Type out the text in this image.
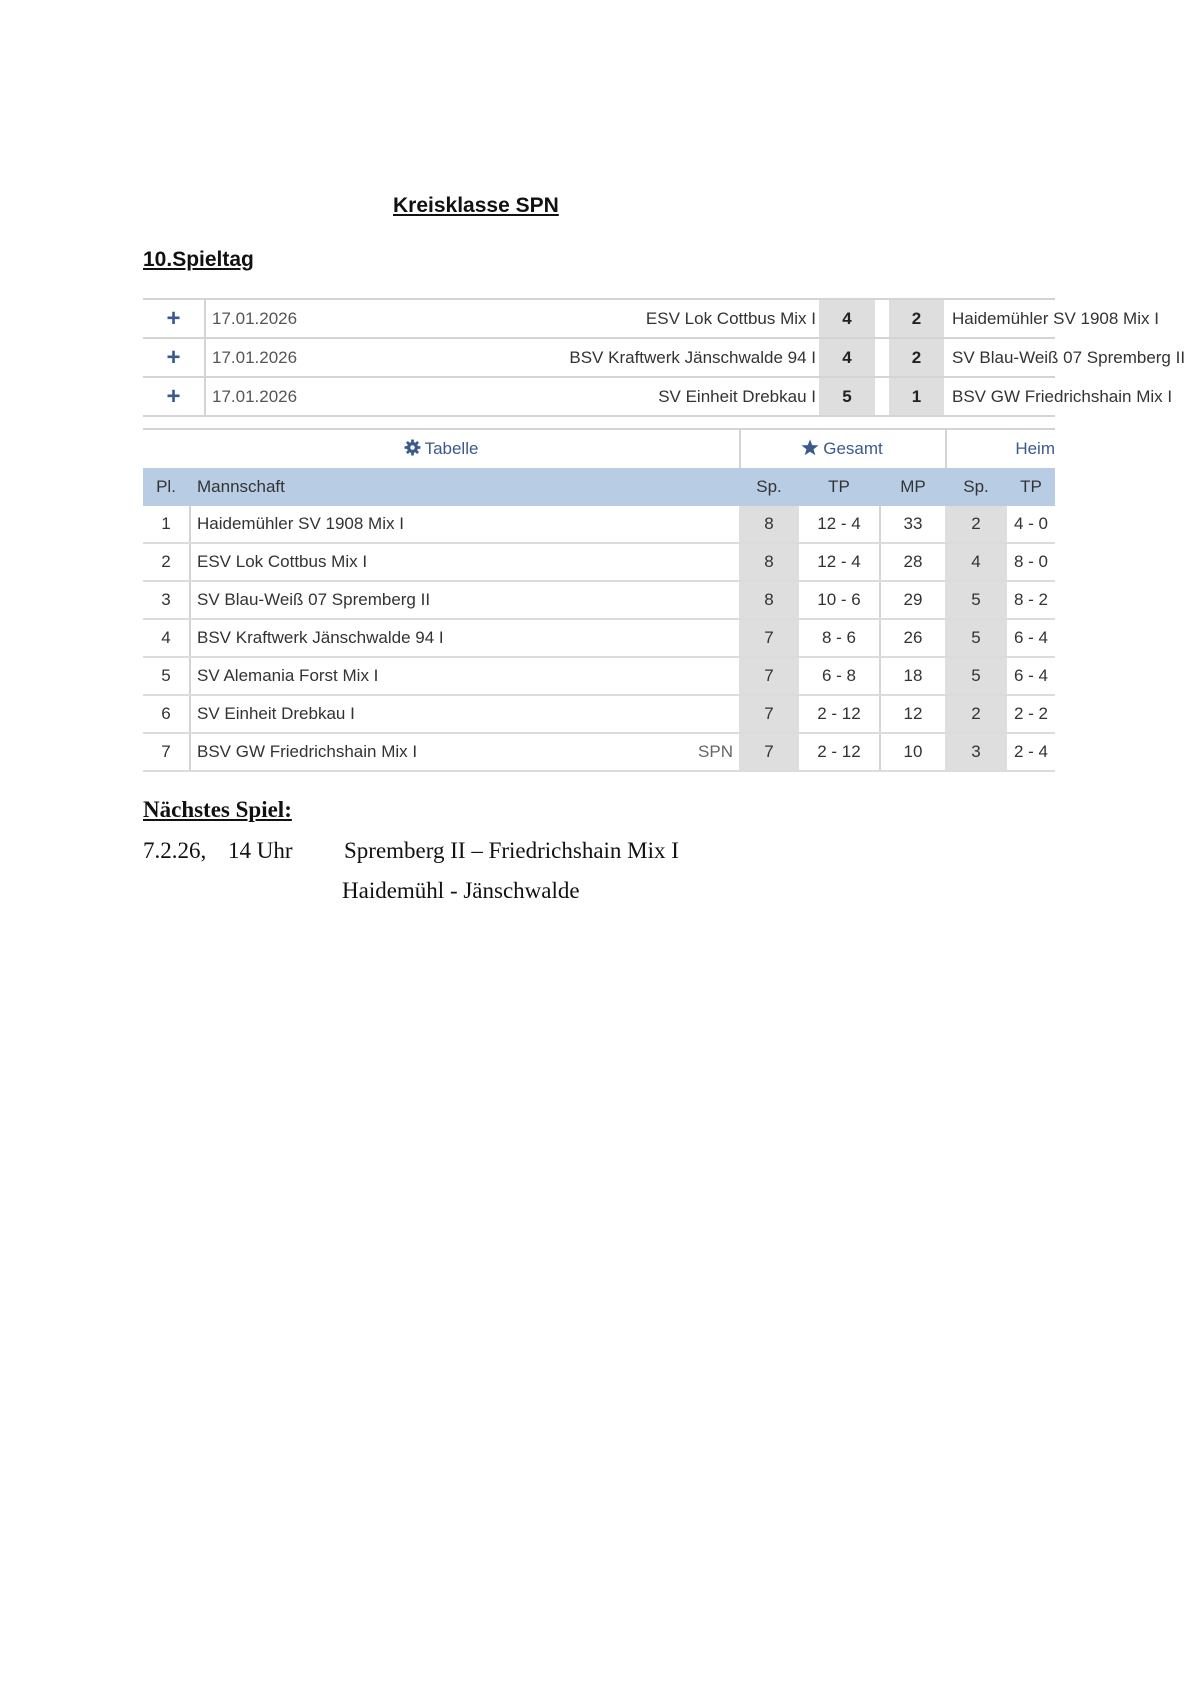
Kreisklasse SPN
10.Spieltag
+	17.01.2026	ESV Lok Cottbus Mix I	4	2	Haidemühler SV 1908 Mix I
+	17.01.2026	BSV Kraftwerk Jänschwalde 94 I	4	2	SV Blau-Weiß 07 Spremberg II
+	17.01.2026	SV Einheit Drebkau I	5	1	BSV GW Friedrichshain Mix I
Tabelle	Gesamt	Heim
Pl.	Mannschaft	Sp.	TP	MP	Sp.	TP
1	Haidemühler SV 1908 Mix I	8	12 - 4	33	2	4 - 0
2	ESV Lok Cottbus Mix I	8	12 - 4	28	4	8 - 0
3	SV Blau-Weiß 07 Spremberg II	8	10 - 6	29	5	8 - 2
4	BSV Kraftwerk Jänschwalde 94 I	7	8 - 6	26	5	6 - 4
5	SV Alemania Forst Mix I	7	6 - 8	18	5	6 - 4
6	SV Einheit Drebkau I	7	2 - 12	12	2	2 - 2
7	BSV GW Friedrichshain Mix I	SPN	7	2 - 12	10	3	2 - 4
Nächstes Spiel:
7.2.26, 14 Uhr Spremberg II – Friedrichshain Mix I
Haidemühl - Jänschwalde
